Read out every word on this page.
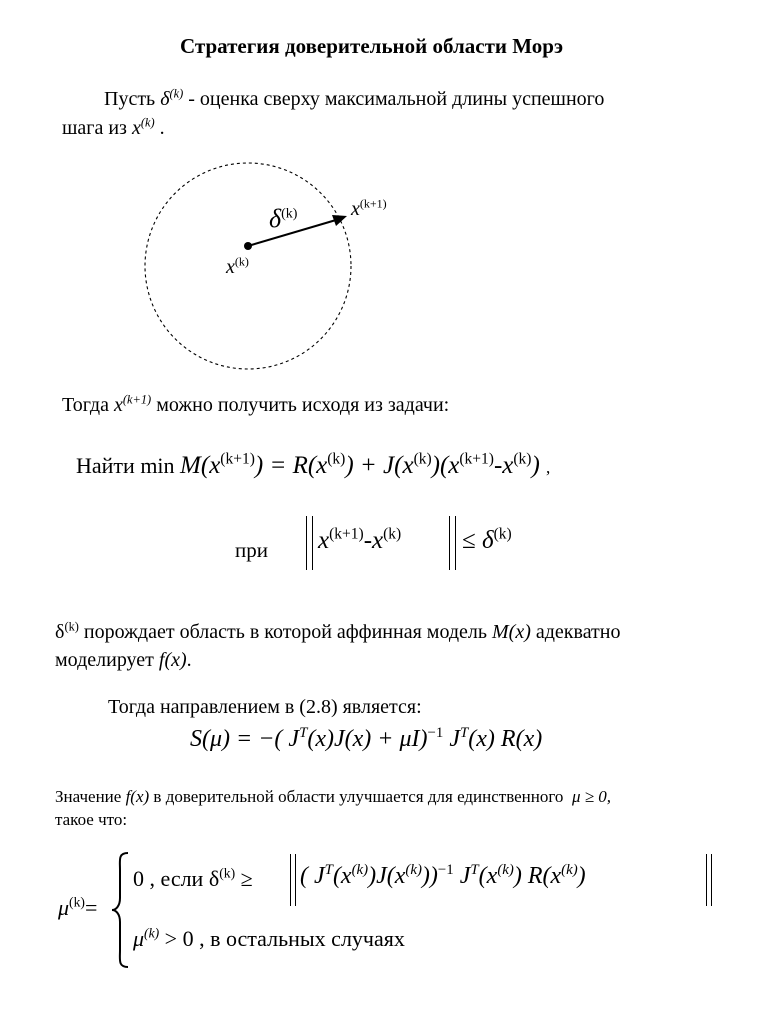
Стратегия доверительной области Морэ
Пусть $\delta^{(k)}$ - оценка сверху максимальной длины успешного
шага из $x^{(k)}$ .
$\delta^{(k)}$	$x^{(k+1)}$
$x^{(k)}$
Тогда $x^{(k+1)}$ можно получить исходя из задачи:
Найти $\min M(x^{(k+1)}) = R(x^{(k)}) + J(x^{(k)})(x^{(k+1)}-x^{(k)})$ ,
при $x^{(k+1)}-x^{(k)} \le \delta^{(k)}$
$\delta^{(k)}$ порождает область в которой аффинная модель M(x) адекватно
моделирует f(x).
Тогда направлением в (2.8) является:
S(μ) = −( $J^T(x)J(x) + \mu I)^{-1}$ $J^T(x)$ R(x)
Значение f(x) в доверительной области улучшается для единственного μ ≥ 0,
такое что:
$\mu^{(k)}=$
0 , если $\delta^{(k)}$ ≥ ( $J^T(x^{(k)})J(x^{(k)}))^{-1}$ $J^T(x^{(k)})$ $R(x^{(k)})$
$\mu^{(k)} > 0$ , в остальных случаях
